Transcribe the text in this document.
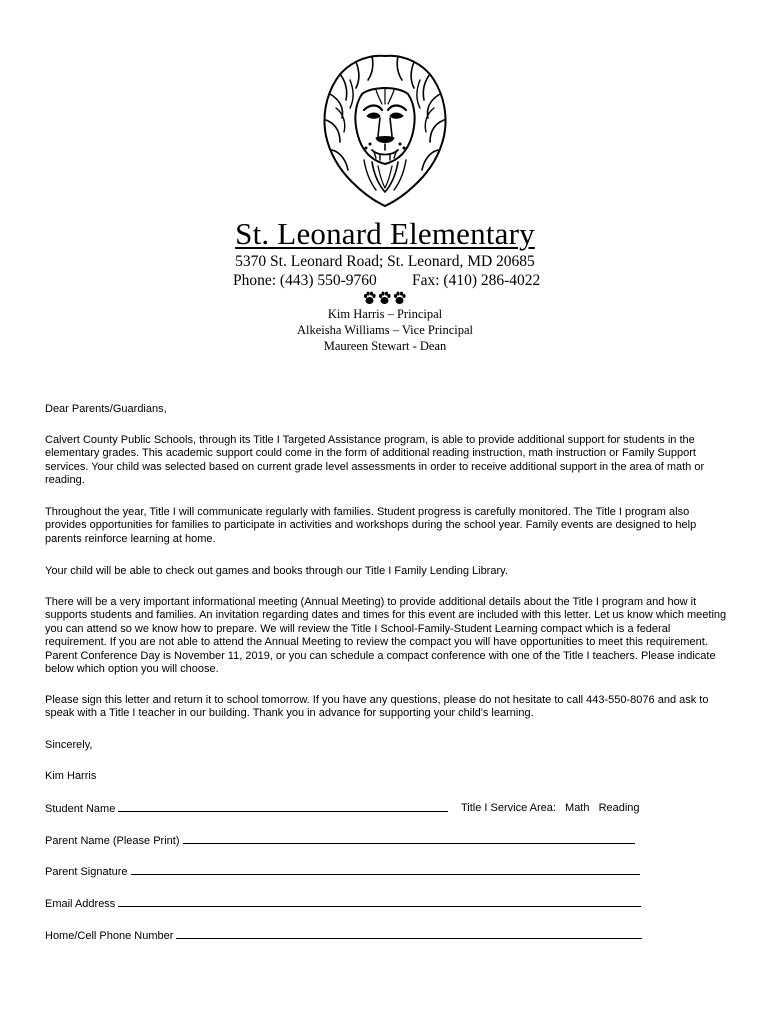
St. Leonard Elementary
5370 St. Leonard Road; St. Leonard, MD 20685
Phone: (443) 550-9760 Fax: (410) 286-4022
Kim Harris – Principal
Alkeisha Williams – Vice Principal
Maureen Stewart - Dean

Dear Parents/Guardians,

Calvert County Public Schools, through its Title I Targeted Assistance program, is able to provide additional support for students in the elementary grades. This academic support could come in the form of additional reading instruction, math instruction or Family Support services. Your child was selected based on current grade level assessments in order to receive additional support in the area of math or reading.

Throughout the year, Title I will communicate regularly with families. Student progress is carefully monitored. The Title I program also provides opportunities for families to participate in activities and workshops during the school year. Family events are designed to help parents reinforce learning at home.

Your child will be able to check out games and books through our Title I Family Lending Library.

There will be a very important informational meeting (Annual Meeting) to provide additional details about the Title I program and how it supports students and families. An invitation regarding dates and times for this event are included with this letter. Let us know which meeting you can attend so we know how to prepare. We will review the Title I School-Family-Student Learning compact which is a federal requirement. If you are not able to attend the Annual Meeting to review the compact you will have opportunities to meet this requirement. Parent Conference Day is November 11, 2019, or you can schedule a compact conference with one of the Title I teachers. Please indicate below which option you will choose.

Please sign this letter and return it to school tomorrow. If you have any questions, please do not hesitate to call 443-550-8076 and ask to speak with a Title I teacher in our building. Thank you in advance for supporting your child's learning.

Sincerely,

Kim Harris

Student Name	Title I Service Area: Math Reading
Parent Name (Please Print)
Parent Signature
Email Address
Home/Cell Phone Number
